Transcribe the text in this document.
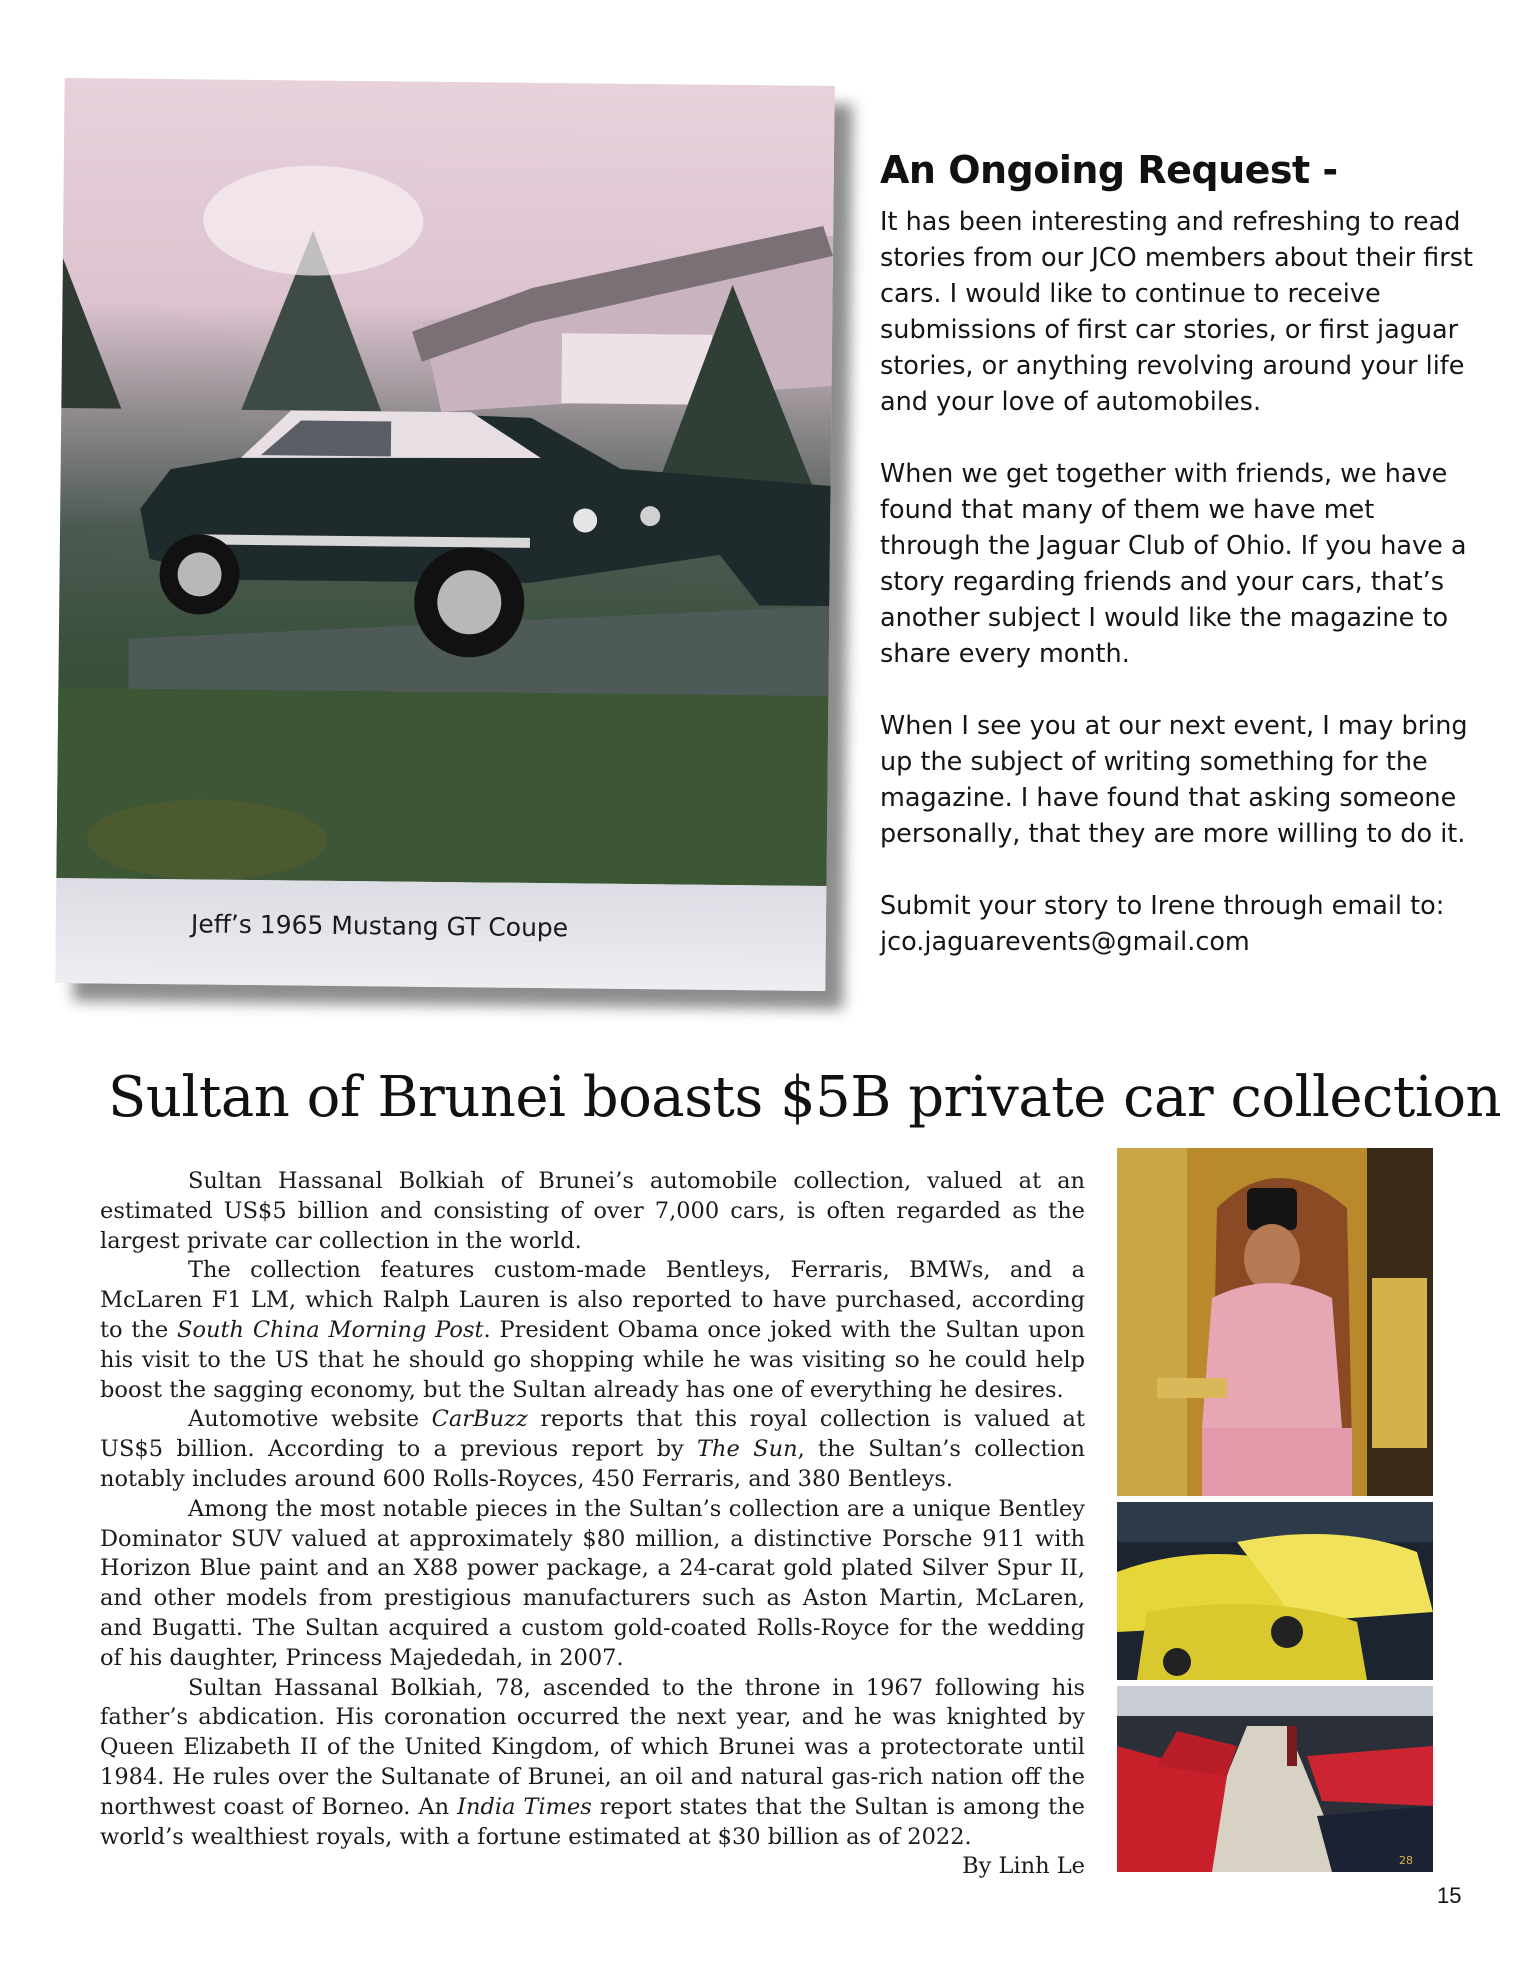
Jeff’s 1965 Mustang GT Coupe
An Ongoing Request -

It has been interesting and refreshing to read stories from our JCO members about their first cars. I would like to continue to receive submissions of first car stories, or first jaguar stories, or anything revolving around your life and your love of automobiles.

When we get together with friends, we have found that many of them we have met through the Jaguar Club of Ohio. If you have a story regarding friends and your cars, that’s another subject I would like the magazine to share every month.

When I see you at our next event, I may bring up the subject of writing something for the magazine. I have found that asking someone personally, that they are more willing to do it.

Submit your story to Irene through email to:
jco.jaguarevents@gmail.com

Sultan of Brunei boasts $5B private car collection

Sultan Hassanal Bolkiah of Brunei’s automobile collection, valued at an estimated US$5 billion and consisting of over 7,000 cars, is often regarded as the largest private car collection in the world.

The collection features custom-made Bentleys, Ferraris, BMWs, and a McLaren F1 LM, which Ralph Lauren is also reported to have purchased, according to the South China Morning Post. President Obama once joked with the Sultan upon his visit to the US that he should go shopping while he was visiting so he could help boost the sagging economy, but the Sultan already has one of everything he desires.

Automotive website CarBuzz reports that this royal collection is valued at US$5 billion. According to a previous report by The Sun, the Sultan’s collection notably includes around 600 Rolls-Royces, 450 Ferraris, and 380 Bentleys.

Among the most notable pieces in the Sultan’s collection are a unique Bentley Dominator SUV valued at approximately $80 million, a distinctive Porsche 911 with Horizon Blue paint and an X88 power package, a 24-carat gold plated Silver Spur II, and other models from prestigious manufacturers such as Aston Martin, McLaren, and Bugatti. The Sultan acquired a custom gold-coated Rolls-Royce for the wedding of his daughter, Princess Majededah, in 2007.

Sultan Hassanal Bolkiah, 78, ascended to the throne in 1967 following his father’s abdication. His coronation occurred the next year, and he was knighted by Queen Elizabeth II of the United Kingdom, of which Brunei was a protectorate until 1984. He rules over the Sultanate of Brunei, an oil and natural gas-rich nation off the northwest coast of Borneo. An India Times report states that the Sultan is among the world’s wealthiest royals, with a fortune estimated at $30 billion as of 2022.

By Linh Le	28
15
